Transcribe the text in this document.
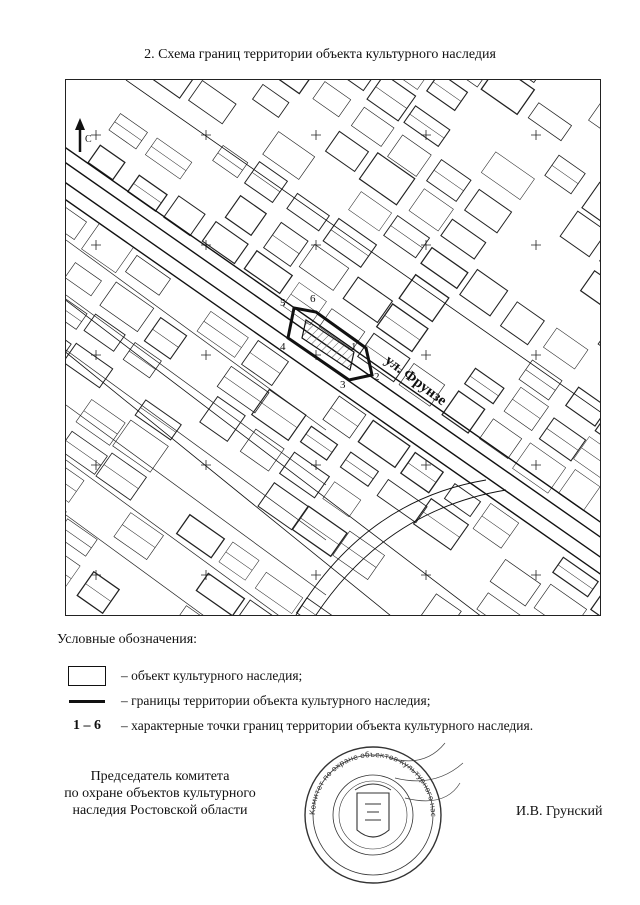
2. Схема границ территории объекта культурного наследия
1
2
3
4
5 6
ул. Фрунзе
С
Условные обозначения:
– объект культурного наследия;
– границы территории объекта культурного наследия;
1 – 6 – характерные точки границ территории объекта культурного наследия.
Председатель комитета
по охране объектов культурного
наследия Ростовской области	Комитет по охране объектов культурного нас	И.В. Грунский
